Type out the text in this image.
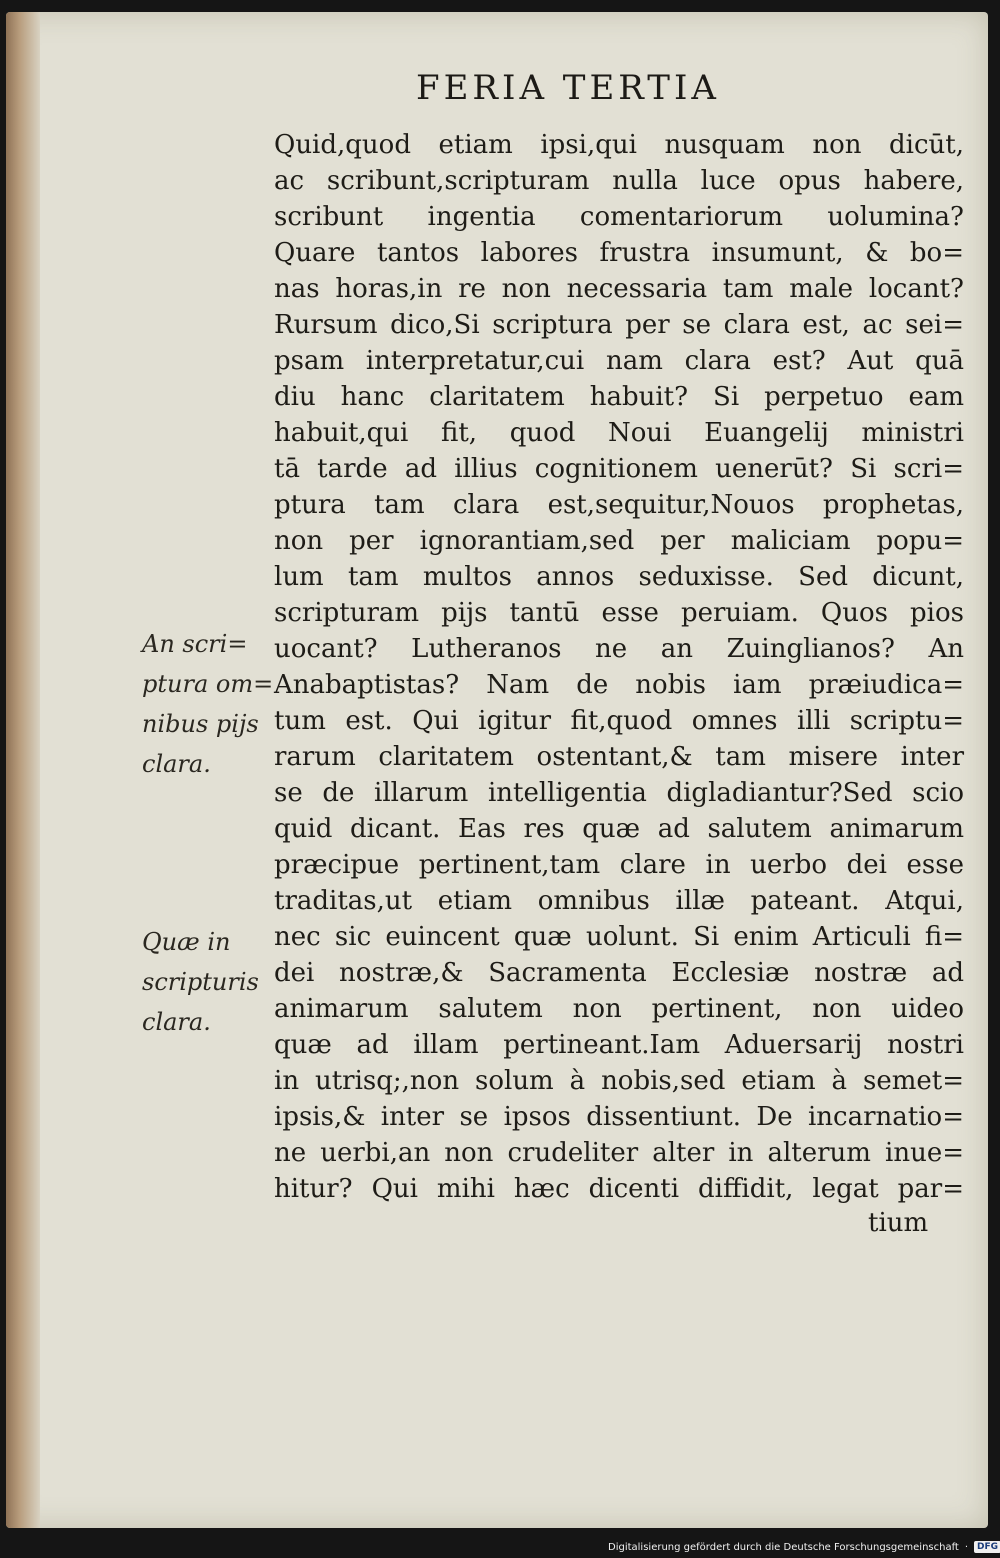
FERIA TERTIA
Quid,quod etiam ipsi,qui nusquam non dicūt,
ac scribunt,scripturam nulla luce opus habere,
scribunt ingentia comentariorum uolumina?
Quare tantos labores frustra insumunt, & bo=
nas horas,in re non necessaria tam male locant?
Rursum dico,Si scriptura per se clara est, ac sei=
psam interpretatur,cui nam clara est? Aut quā
diu hanc claritatem habuit? Si perpetuo eam
habuit,qui fit, quod Noui Euangelij ministri
tā tarde ad illius cognitionem uenerūt? Si scri=
ptura tam clara est,sequitur,Nouos prophetas,
non per ignorantiam,sed per maliciam popu=
lum tam multos annos seduxisse. Sed dicunt,
scripturam pijs tantū esse peruiam. Quos pios
uocant? Lutheranos ne an Zuinglianos? An
Anabaptistas? Nam de nobis iam præiudica=
tum est. Qui igitur fit,quod omnes illi scriptu=
rarum claritatem ostentant,& tam misere inter
se de illarum intelligentia digladiantur?Sed scio
quid dicant. Eas res quæ ad salutem animarum
præcipue pertinent,tam clare in uerbo dei esse
traditas,ut etiam omnibus illæ pateant. Atqui,
nec sic euincent quæ uolunt. Si enim Articuli fi=
dei nostræ,& Sacramenta Ecclesiæ nostræ ad
animarum salutem non pertinent, non uideo
quæ ad illam pertineant.Iam Aduersarij nostri
in utrisq;,non solum à nobis,sed etiam à semet=
ipsis,& inter se ipsos dissentiunt. De incarnatio=
ne uerbi,an non crudeliter alter in alterum inue=
hitur? Qui mihi hæc dicenti diffidit, legat par=
tium
An scri=
ptura om=
nibus pijs
clara.
Quæ in
scripturis
clara.
Digitalisierung gefördert durch die Deutsche Forschungsgemeinschaft ·	DFG
